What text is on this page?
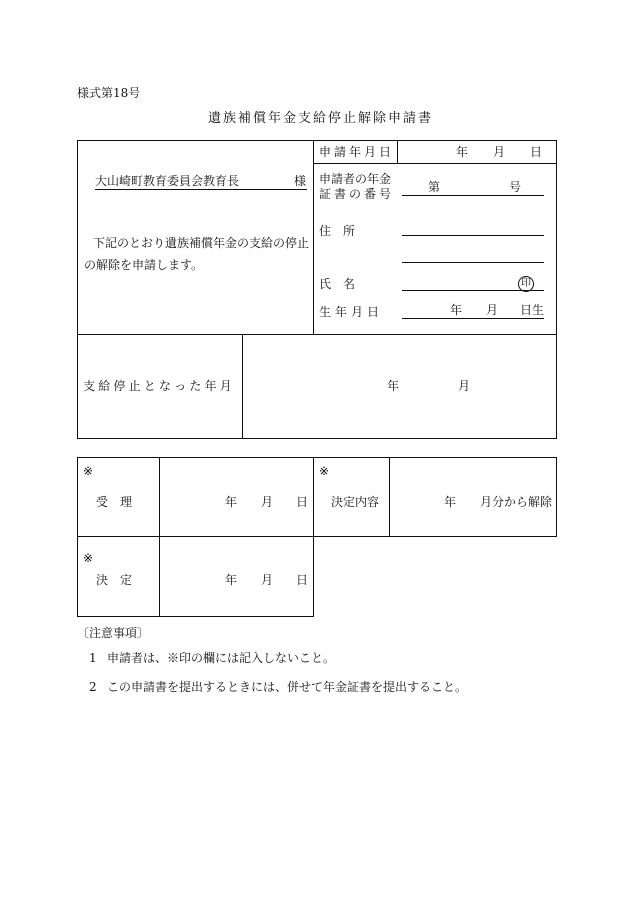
様式第18号
遺族補償年金支給停止解除申請書
大山崎町教育委員会教育長	様
下記のとおり遺族補償年金の支給の停止
の解除を申請します。
申請年月日	年 月 日
申請者の年金
証書の番号	第	号
住　所
氏　名	印
生年月日	年 月 日生
支給停止となった年月	年	月
※
受　理	年 月 日
※
決定内容	年 月分から解除
※
決　定	年 月 日
〔注意事項〕
1 申請者は、※印の欄には記入しないこと。
2 この申請書を提出するときには、併せて年金証書を提出すること。
